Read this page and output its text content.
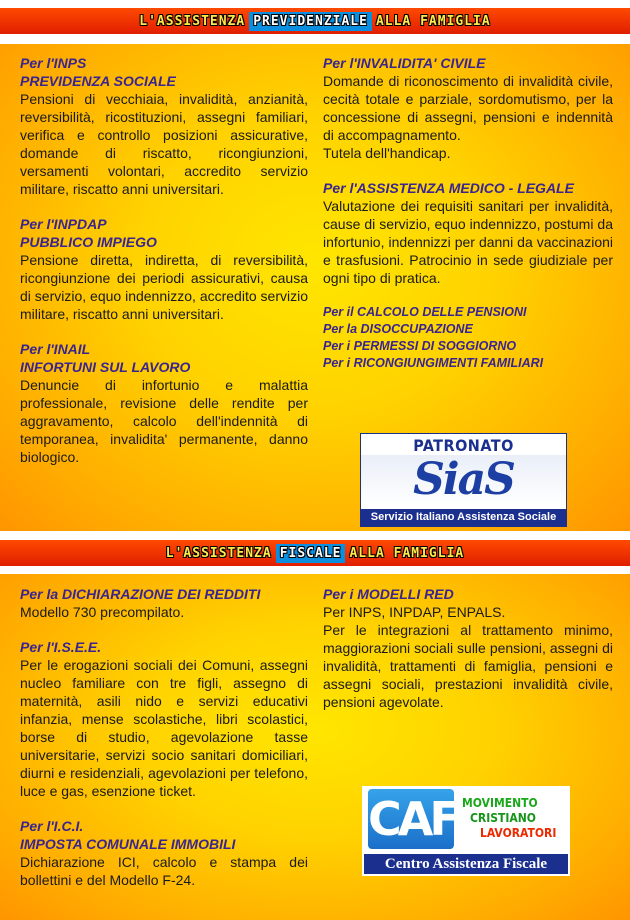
L'ASSISTENZA PREVIDENZIALE ALLA FAMIGLIA

Per l'INPS

PREVIDENZA SOCIALE

Pensioni di vecchiaia, invalidità, anzianità, reversibilità, ricostituzioni, assegni familiari, verifica e controllo posizioni assicurative, domande di riscatto, ricongiunzioni, versamenti volontari, accredito servizio militare, riscatto anni universitari.

Per l'INPDAP

PUBBLICO IMPIEGO

Pensione diretta, indiretta, di reversibilità, ricongiunzione dei periodi assicurativi, causa di servizio, equo indennizzo, accredito servizio militare, riscatto anni universitari.

Per l'INAIL

INFORTUNI SUL LAVORO

Denuncie di infortunio e malattia professionale, revisione delle rendite per aggravamento, calcolo dell'indennità di temporanea, invalidita' permanente, danno biologico.

Per l'INVALIDITA' CIVILE

Domande di riconoscimento di invalidità civile, cecità totale e parziale, sordomutismo, per la concessione di assegni, pensioni e indennità di accompagnamento.

Tutela dell'handicap.

Per l'ASSISTENZA MEDICO - LEGALE

Valutazione dei requisiti sanitari per invalidità, cause di servizio, equo indennizzo, postumi da infortunio, indennizzi per danni da vaccinazioni e trasfusioni. Patrocinio in sede giudiziale per ogni tipo di pratica.

Per il CALCOLO DELLE PENSIONI

Per la DISOCCUPAZIONE

Per i PERMESSI DI SOGGIORNO

Per i RICONGIUNGIMENTI FAMILIARI

PATRONATO
SiaS
Servizio Italiano Assistenza Sociale
L'ASSISTENZA FISCALE ALLA FAMIGLIA

Per la DICHIARAZIONE DEI REDDITI

Modello 730 precompilato.

Per l'I.S.E.E.

Per le erogazioni sociali dei Comuni, assegni nucleo familiare con tre figli, assegno di maternità, asili nido e servizi educativi infanzia, mense scolastiche, libri scolastici, borse di studio, agevolazione tasse universitarie, servizi socio sanitari domiciliari, diurni e residenziali, agevolazioni per telefono, luce e gas, esenzione ticket.

Per l'I.C.I.

IMPOSTA COMUNALE IMMOBILI

Dichiarazione ICI, calcolo e stampa dei bollettini e del Modello F-24.

Per i MODELLI RED

Per INPS, INPDAP, ENPALS.

Per le integrazioni al trattamento minimo, maggiorazioni sociali sulle pensioni, assegni di invalidità, trattamenti di famiglia, pensioni e assegni sociali, prestazioni invalidità civile, pensioni agevolate.

CAF MOVIMENTO
CRISTIANO
LAVORATORI
Centro Assistenza Fiscale
